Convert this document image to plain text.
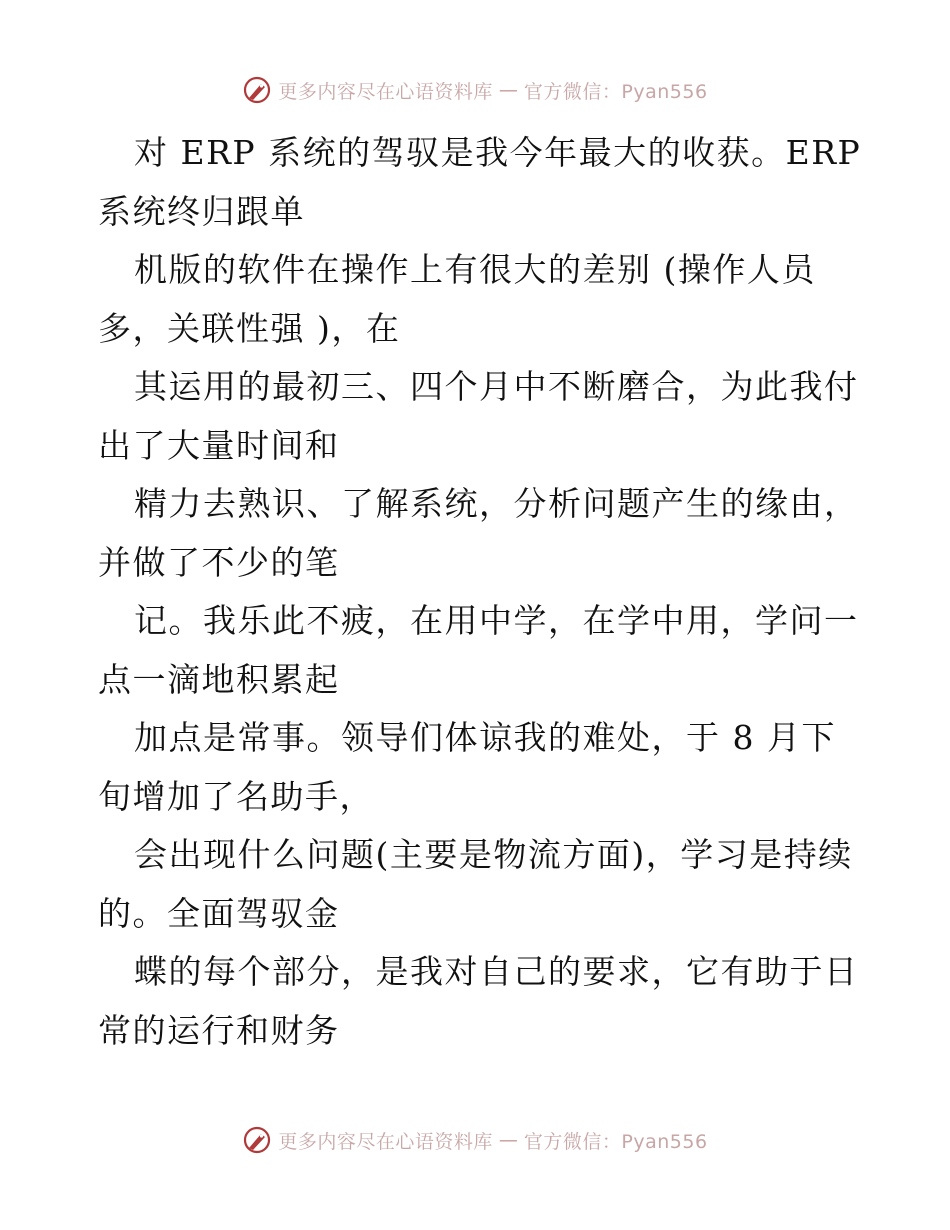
更多内容尽在心语资料库 — 官方微信：Pyan556
对 ERP 系统的驾驭是我今年最大的收获。ERP
系统终归跟单
机版的软件在操作上有很大的差别 (操作人员
多，关联性强 )，在
其运用的最初三、四个月中不断磨合，为此我付
出了大量时间和
精力去熟识、了解系统，分析问题产生的缘由，
并做了不少的笔
记。我乐此不疲，在用中学，在学中用，学问一
点一滴地积累起
加点是常事。领导们体谅我的难处，于 8 月下
旬增加了名助手，
会出现什么问题(主要是物流方面)，学习是持续
的。全面驾驭金
蝶的每个部分，是我对自己的要求，它有助于日
常的运行和财务
更多内容尽在心语资料库 — 官方微信：Pyan556
